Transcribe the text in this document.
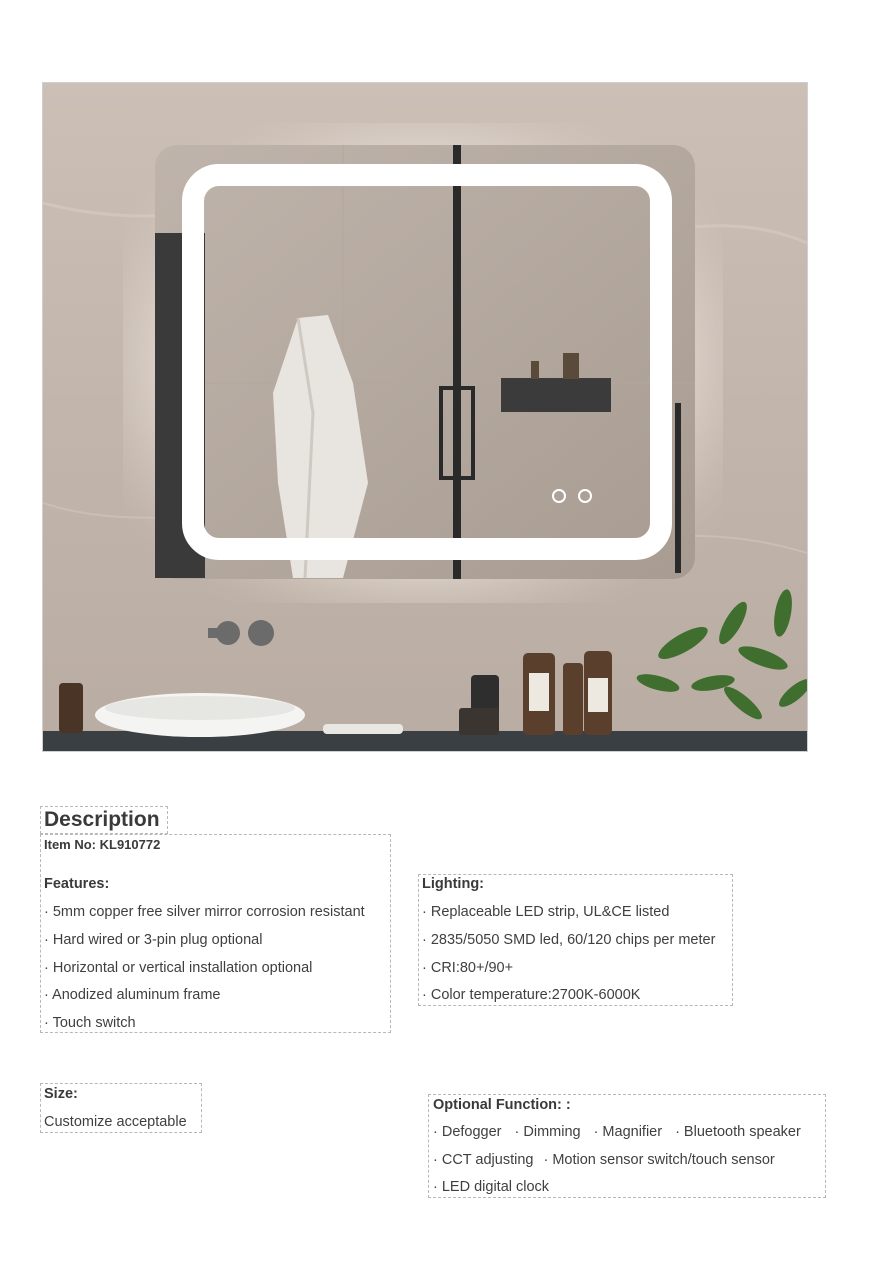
Description
Item No: KL910772
Features:
· 5mm copper free silver mirror corrosion resistant
· Hard wired or 3-pin plug optional
· Horizontal or vertical installation optional
· Anodized aluminum frame
· Touch switch
Lighting:
· Replaceable LED strip, UL&CE listed
· 2835/5050 SMD led, 60/120 chips per meter
· CRI:80+/90+
· Color temperature:2700K-6000K
Size:
Customize acceptable
Optional Function: :
· Defogger · Dimming · Magnifier · Bluetooth speaker
· CCT adjusting · Motion sensor switch/touch sensor
· LED digital clock
